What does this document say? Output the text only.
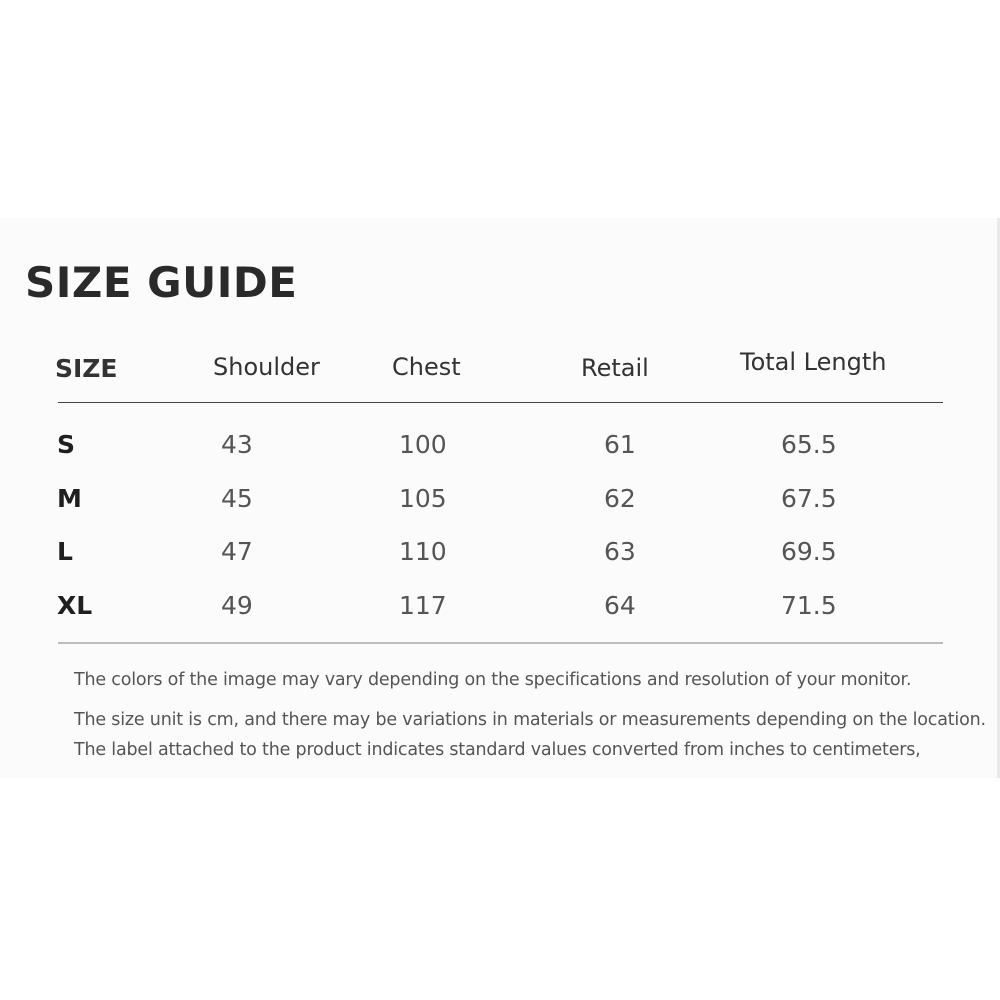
SIZE GUIDE
SIZE	Shoulder	Chest	Retail	Total Length
S	43	100	61	65.5
M	45	105	62	67.5
L	47	110	63	69.5
XL	49	117	64	71.5
The colors of the image may vary depending on the specifications and resolution of your monitor.
The size unit is cm, and there may be variations in materials or measurements depending on the location.
The label attached to the product indicates standard values converted from inches to centimeters,
